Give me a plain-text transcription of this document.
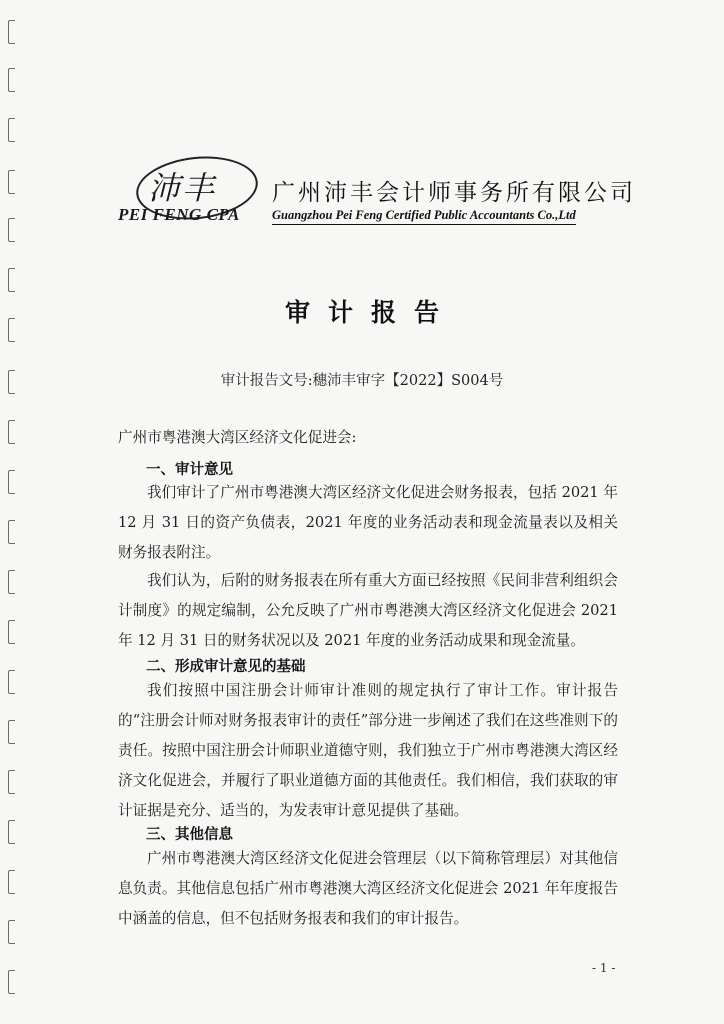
沛丰
PEI FENG CPA
广州沛丰会计师事务所有限公司
Guangzhou Pei Feng Certified Public Accountants Co.,Ltd
审计报告
审计报告文号:穗沛丰审字【2022】S004号
广州市粤港澳大湾区经济文化促进会:
一、审计意见
我们审计了广州市粤港澳大湾区经济文化促进会财务报表，包括 2021 年 12 月 31 日的资产负债表，2021 年度的业务活动表和现金流量表以及相关财务报表附注。
我们认为，后附的财务报表在所有重大方面已经按照《民间非营利组织会计制度》的规定编制，公允反映了广州市粤港澳大湾区经济文化促进会 2021 年 12 月 31 日的财务状况以及 2021 年度的业务活动成果和现金流量。
二、形成审计意见的基础
我们按照中国注册会计师审计准则的规定执行了审计工作。审计报告的“注册会计师对财务报表审计的责任”部分进一步阐述了我们在这些准则下的责任。按照中国注册会计师职业道德守则，我们独立于广州市粤港澳大湾区经济文化促进会，并履行了职业道德方面的其他责任。我们相信，我们获取的审计证据是充分、适当的，为发表审计意见提供了基础。
三、其他信息
广州市粤港澳大湾区经济文化促进会管理层（以下简称管理层）对其他信息负责。其他信息包括广州市粤港澳大湾区经济文化促进会 2021 年年度报告中涵盖的信息，但不包括财务报表和我们的审计报告。
- 1 -
